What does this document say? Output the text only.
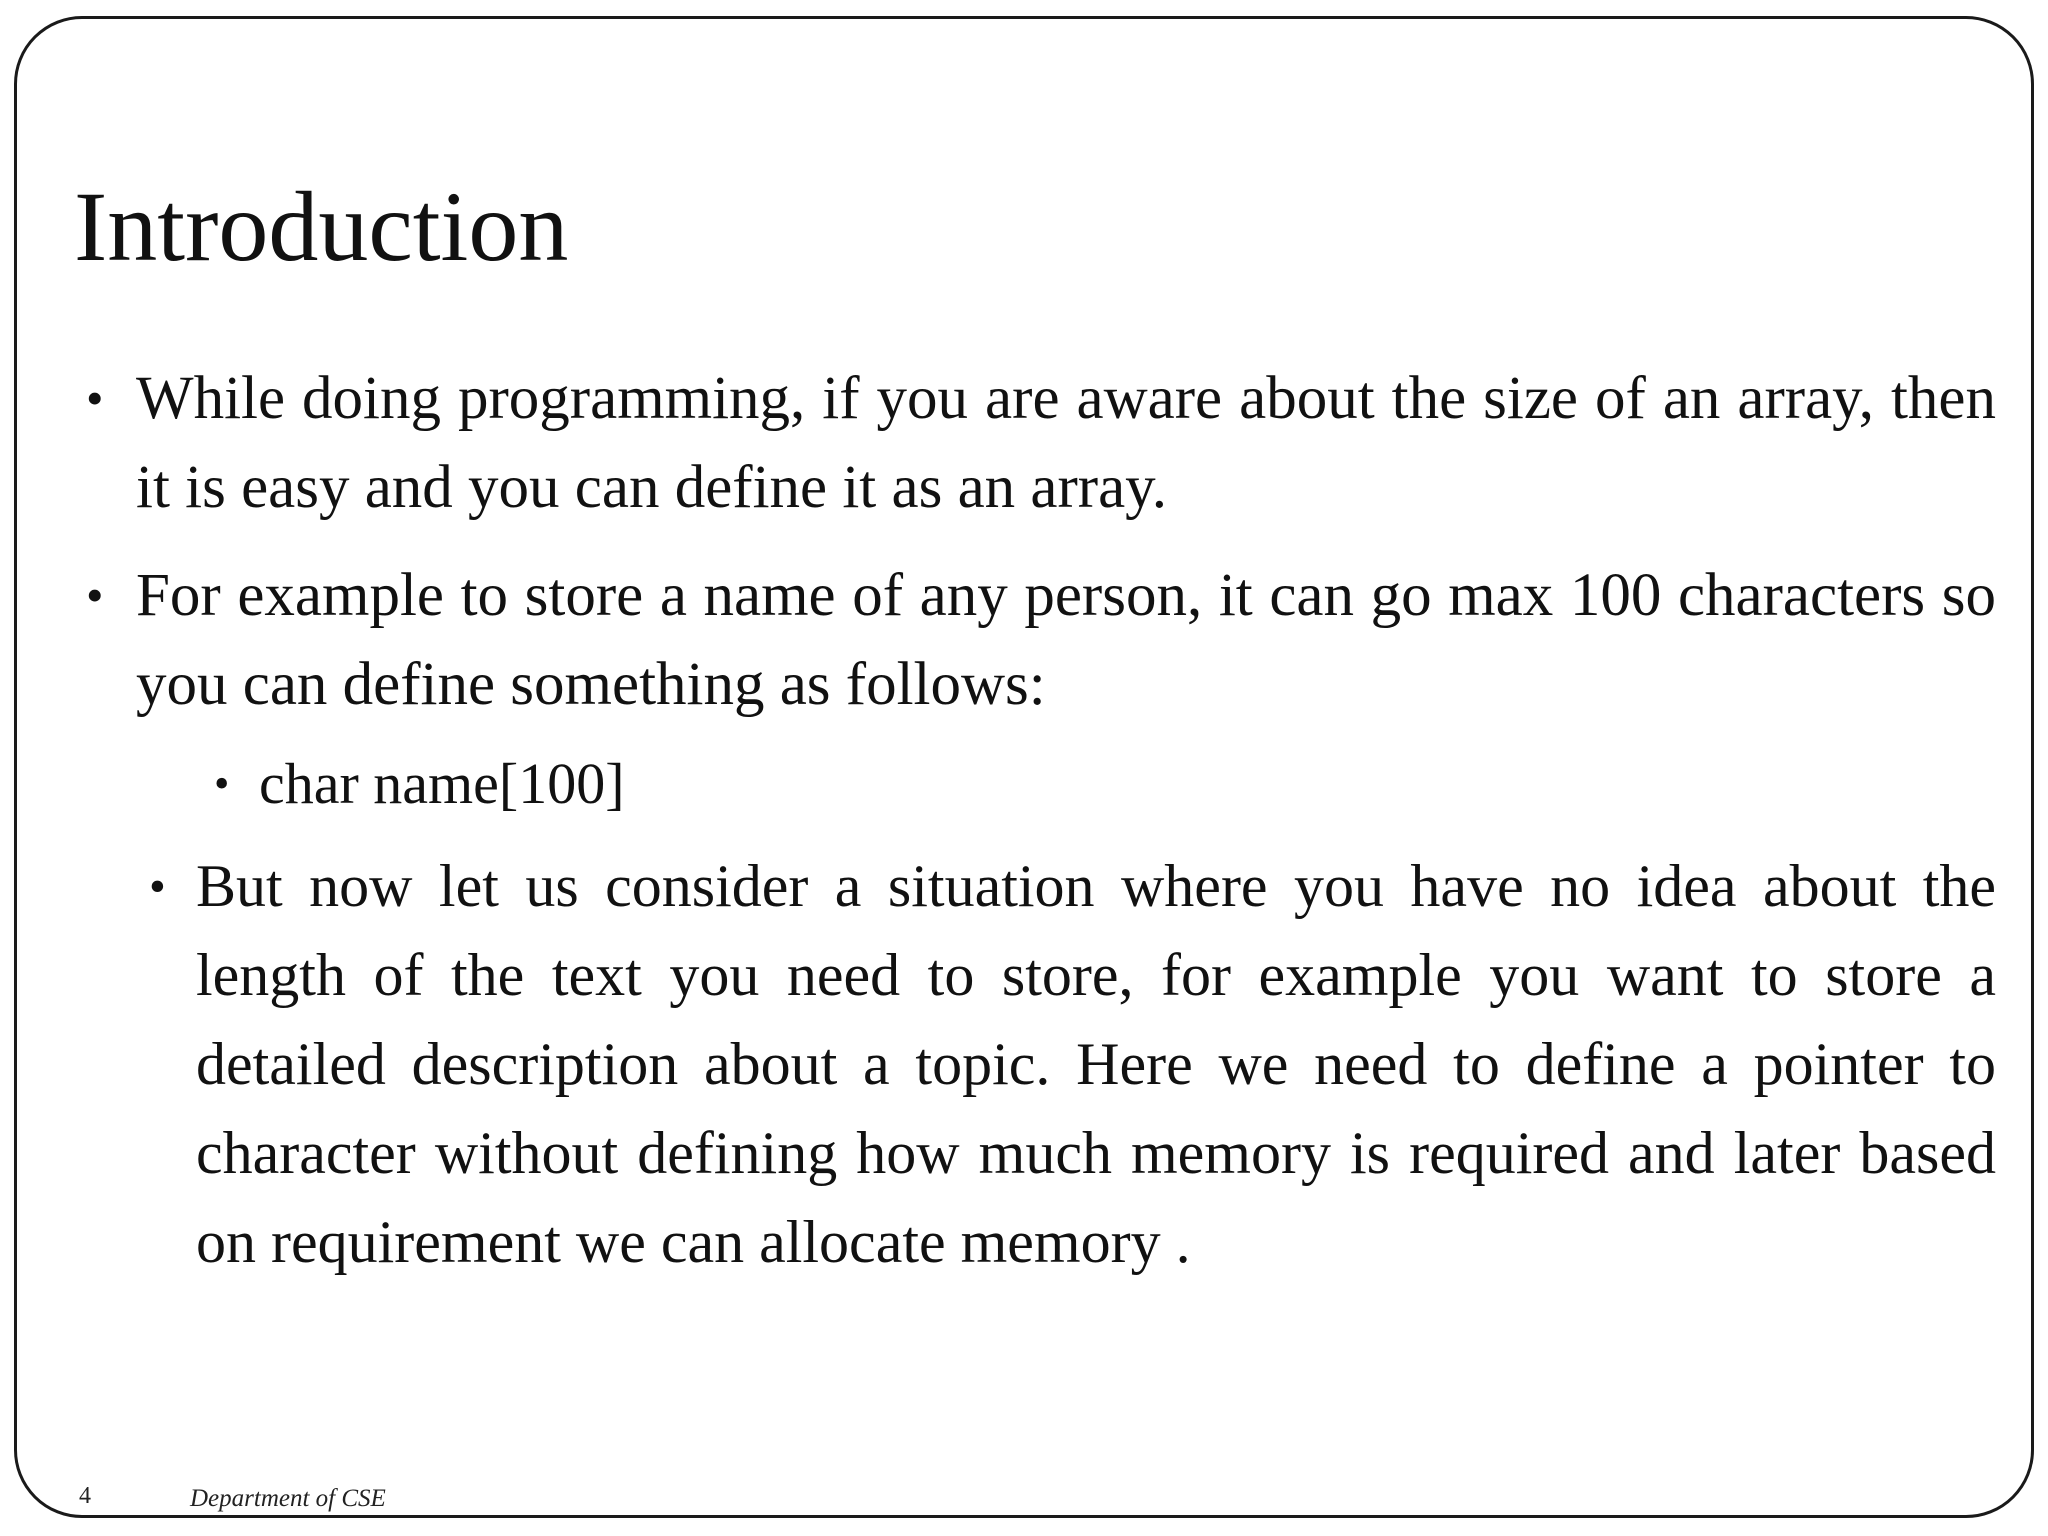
Introduction

• While doing programming, if you are aware about the size of an array, then it is easy and you can define it as an array.

• For example to store a name of any person, it can go max 100 characters so you can define something as follows:

• char name[100]

• But now let us consider a situation where you have no idea about the length of the text you need to store, for example you want to store a detailed description about a topic. Here we need to define a pointer to character without defining how much memory is required and later based on requirement we can allocate memory .

4	Department of CSE
